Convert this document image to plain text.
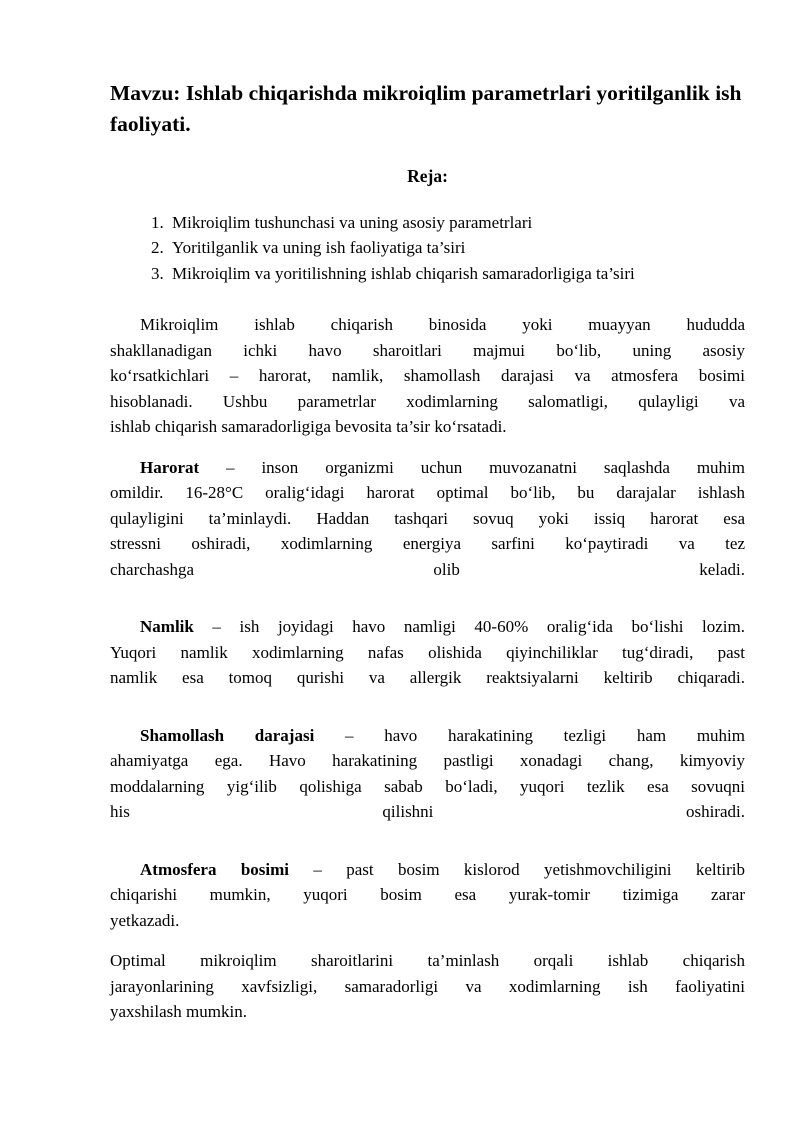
Mavzu: Ishlab chiqarishda mikroiqlim parametrlari yoritilganlik ish faoliyati.
Reja:
1. Mikroiqlim tushunchasi va uning asosiy parametrlari
2. Yoritilganlik va uning ish faoliyatiga ta’siri
3. Mikroiqlim va yoritilishning ishlab chiqarish samaradorligiga ta’siri
Mikroiqlim ishlab chiqarish binosida yoki muayyan hududda
shakllanadigan ichki havo sharoitlari majmui boʻlib, uning asosiy
koʻrsatkichlari – harorat, namlik, shamollash darajasi va atmosfera bosimi
hisoblanadi. Ushbu parametrlar xodimlarning salomatligi, qulayligi va
ishlab chiqarish samaradorligiga bevosita ta’sir koʻrsatadi.
Harorat – inson organizmi uchun muvozanatni saqlashda muhim
omildir. 16-28°C oraligʻidagi harorat optimal boʻlib, bu darajalar ishlash
qulayligini ta’minlaydi. Haddan tashqari sovuq yoki issiq harorat esa
stressni oshiradi, xodimlarning energiya sarfini koʻpaytiradi va tez
charchashga olib keladi.
Namlik – ish joyidagi havo namligi 40-60% oraligʻida boʻlishi lozim.
Yuqori namlik xodimlarning nafas olishida qiyinchiliklar tugʻdiradi, past
namlik esa tomoq qurishi va allergik reaktsiyalarni keltirib chiqaradi.
Shamollash darajasi – havo harakatining tezligi ham muhim
ahamiyatga ega. Havo harakatining pastligi xonadagi chang, kimyoviy
moddalarning yigʻilib qolishiga sabab boʻladi, yuqori tezlik esa sovuqni
his qilishni oshiradi.
Atmosfera bosimi – past bosim kislorod yetishmovchiligini keltirib
chiqarishi mumkin, yuqori bosim esa yurak-tomir tizimiga zarar
yetkazadi.
Optimal mikroiqlim sharoitlarini ta’minlash orqali ishlab chiqarish
jarayonlarining xavfsizligi, samaradorligi va xodimlarning ish faoliyatini
yaxshilash mumkin.
